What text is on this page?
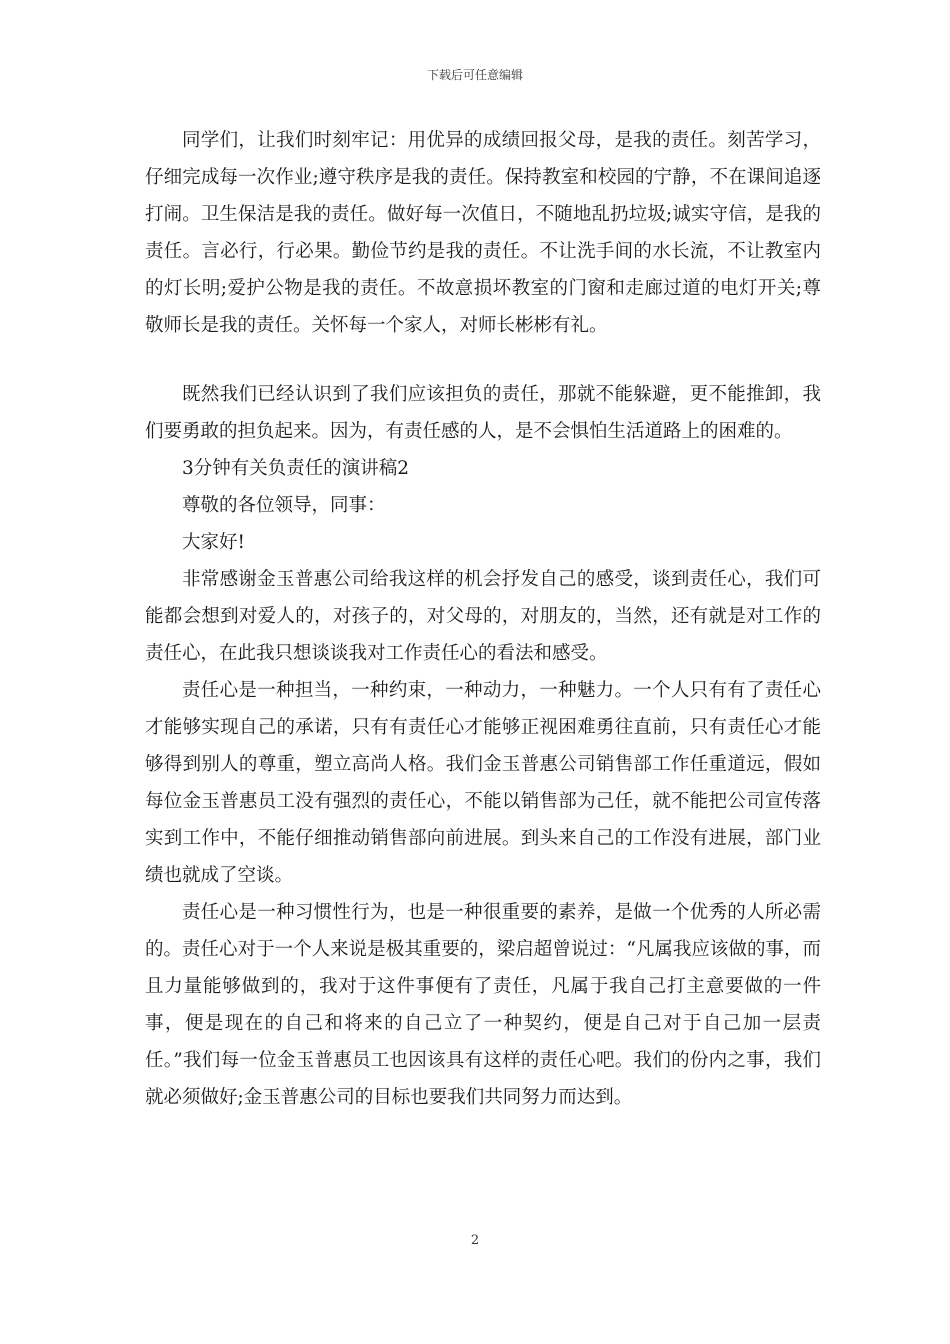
下载后可任意编辑

同学们，让我们时刻牢记：用优异的成绩回报父母，是我的责任。刻苦学习，仔细完成每一次作业;遵守秩序是我的责任。保持教室和校园的宁静，不在课间追逐打闹。卫生保洁是我的责任。做好每一次值日，不随地乱扔垃圾;诚实守信，是我的责任。言必行，行必果。勤俭节约是我的责任。不让洗手间的水长流，不让教室内的灯长明;爱护公物是我的责任。不故意损坏教室的门窗和走廊过道的电灯开关;尊敬师长是我的责任。关怀每一个家人，对师长彬彬有礼。

既然我们已经认识到了我们应该担负的责任，那就不能躲避，更不能推卸，我们要勇敢的担负起来。因为，有责任感的人，是不会惧怕生活道路上的困难的。

3分钟有关负责任的演讲稿2

尊敬的各位领导，同事：

大家好!

非常感谢金玉普惠公司给我这样的机会抒发自己的感受，谈到责任心，我们可能都会想到对爱人的，对孩子的，对父母的，对朋友的，当然，还有就是对工作的责任心，在此我只想谈谈我对工作责任心的看法和感受。

责任心是一种担当，一种约束，一种动力，一种魅力。一个人只有有了责任心才能够实现自己的承诺，只有有责任心才能够正视困难勇往直前，只有责任心才能够得到别人的尊重，塑立高尚人格。我们金玉普惠公司销售部工作任重道远，假如每位金玉普惠员工没有强烈的责任心，不能以销售部为己任，就不能把公司宣传落实到工作中，不能仔细推动销售部向前进展。到头来自己的工作没有进展，部门业绩也就成了空谈。

责任心是一种习惯性行为，也是一种很重要的素养，是做一个优秀的人所必需的。责任心对于一个人来说是极其重要的，梁启超曾说过：“凡属我应该做的事，而且力量能够做到的，我对于这件事便有了责任，凡属于我自己打主意要做的一件事，便是现在的自己和将来的自己立了一种契约，便是自己对于自己加一层责任。”我们每一位金玉普惠员工也因该具有这样的责任心吧。我们的份内之事，我们就必须做好;金玉普惠公司的目标也要我们共同努力而达到。

2
